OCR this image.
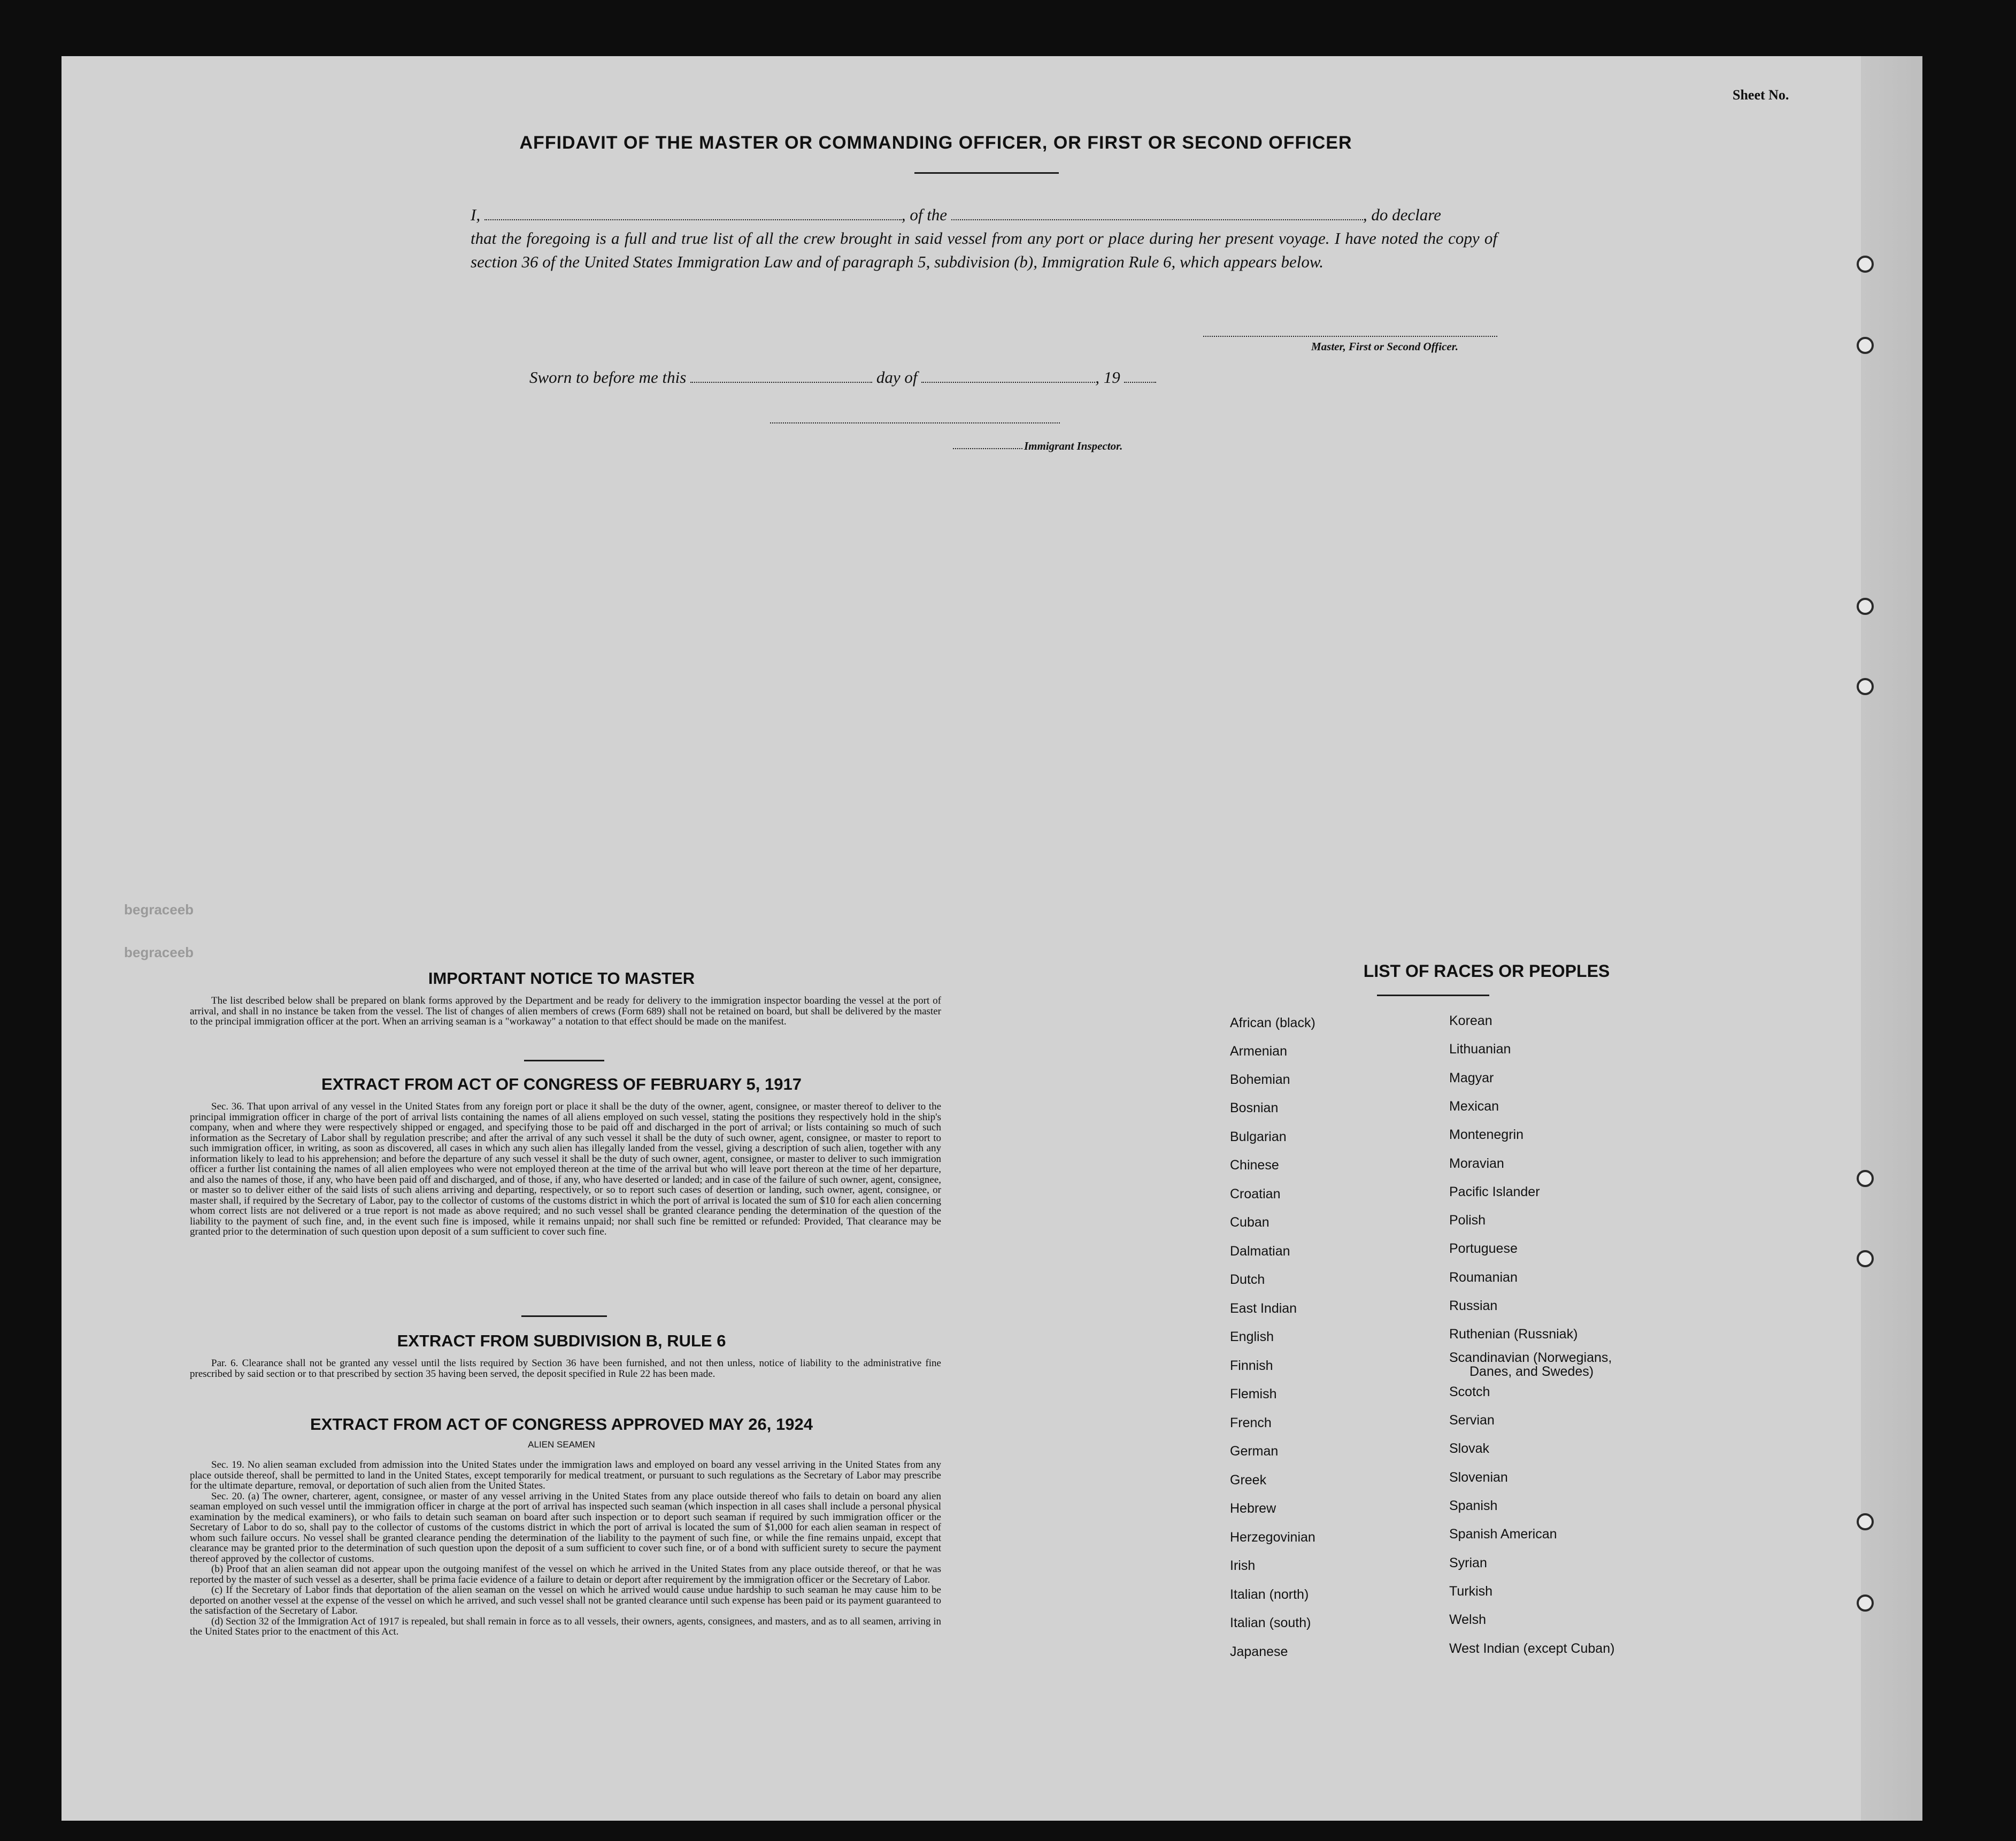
Sheet No.
begraceeb
begraceeb
AFFIDAVIT OF THE MASTER OR COMMANDING OFFICER, OR FIRST OR SECOND OFFICER
I,	, of the	, do declare
that the foregoing is a full and true list of all the crew brought in said vessel from any port or place during her present voyage. I have noted the copy of section 36 of the United States Immigration Law and of paragraph 5, subdivision (b), Immigration Rule 6, which appears below.
Master, First or Second Officer.
Sworn to before me this	day of	, 19
Immigrant Inspector.
IMPORTANT NOTICE TO MASTER

The list described below shall be prepared on blank forms approved by the Department and be ready for delivery to the immigration inspector boarding the vessel at the port of arrival, and shall in no instance be taken from the vessel. The list of changes of alien members of crews (Form 689) shall not be retained on board, but shall be delivered by the master to the principal immigration officer at the port. When an arriving seaman is a "workaway" a notation to that effect should be made on the manifest.

EXTRACT FROM ACT OF CONGRESS OF FEBRUARY 5, 1917

Sec. 36. That upon arrival of any vessel in the United States from any foreign port or place it shall be the duty of the owner, agent, consignee, or master thereof to deliver to the principal immigration officer in charge of the port of arrival lists containing the names of all aliens employed on such vessel, stating the positions they respectively hold in the ship's company, when and where they were respectively shipped or engaged, and specifying those to be paid off and discharged in the port of arrival; or lists containing so much of such information as the Secretary of Labor shall by regulation prescribe; and after the arrival of any such vessel it shall be the duty of such owner, agent, consignee, or master to report to such immigration officer, in writing, as soon as discovered, all cases in which any such alien has illegally landed from the vessel, giving a description of such alien, together with any information likely to lead to his apprehension; and before the departure of any such vessel it shall be the duty of such owner, agent, consignee, or master to deliver to such immigration officer a further list containing the names of all alien employees who were not employed thereon at the time of the arrival but who will leave port thereon at the time of her departure, and also the names of those, if any, who have been paid off and discharged, and of those, if any, who have deserted or landed; and in case of the failure of such owner, agent, consignee, or master so to deliver either of the said lists of such aliens arriving and departing, respectively, or so to report such cases of desertion or landing, such owner, agent, consignee, or master shall, if required by the Secretary of Labor, pay to the collector of customs of the customs district in which the port of arrival is located the sum of $10 for each alien concerning whom correct lists are not delivered or a true report is not made as above required; and no such vessel shall be granted clearance pending the determination of the question of the liability to the payment of such fine, and, in the event such fine is imposed, while it remains unpaid; nor shall such fine be remitted or refunded: Provided, That clearance may be granted prior to the determination of such question upon deposit of a sum sufficient to cover such fine.

EXTRACT FROM SUBDIVISION B, RULE 6

Par. 6. Clearance shall not be granted any vessel until the lists required by Section 36 have been furnished, and not then unless, notice of liability to the administrative fine prescribed by said section or to that prescribed by section 35 having been served, the deposit specified in Rule 22 has been made.

EXTRACT FROM ACT OF CONGRESS APPROVED MAY 26, 1924
ALIEN SEAMEN

Sec. 19. No alien seaman excluded from admission into the United States under the immigration laws and employed on board any vessel arriving in the United States from any place outside thereof, shall be permitted to land in the United States, except temporarily for medical treatment, or pursuant to such regulations as the Secretary of Labor may prescribe for the ultimate departure, removal, or deportation of such alien from the United States.

Sec. 20. (a) The owner, charterer, agent, consignee, or master of any vessel arriving in the United States from any place outside thereof who fails to detain on board any alien seaman employed on such vessel until the immigration officer in charge at the port of arrival has inspected such seaman (which inspection in all cases shall include a personal physical examination by the medical examiners), or who fails to detain such seaman on board after such inspection or to deport such seaman if required by such immigration officer or the Secretary of Labor to do so, shall pay to the collector of customs of the customs district in which the port of arrival is located the sum of $1,000 for each alien seaman in respect of whom such failure occurs. No vessel shall be granted clearance pending the determination of the liability to the payment of such fine, or while the fine remains unpaid, except that clearance may be granted prior to the determination of such question upon the deposit of a sum sufficient to cover such fine, or of a bond with sufficient surety to secure the payment thereof approved by the collector of customs.

(b) Proof that an alien seaman did not appear upon the outgoing manifest of the vessel on which he arrived in the United States from any place outside thereof, or that he was reported by the master of such vessel as a deserter, shall be prima facie evidence of a failure to detain or deport after requirement by the immigration officer or the Secretary of Labor.

(c) If the Secretary of Labor finds that deportation of the alien seaman on the vessel on which he arrived would cause undue hardship to such seaman he may cause him to be deported on another vessel at the expense of the vessel on which he arrived, and such vessel shall not be granted clearance until such expense has been paid or its payment guaranteed to the satisfaction of the Secretary of Labor.

(d) Section 32 of the Immigration Act of 1917 is repealed, but shall remain in force as to all vessels, their owners, agents, consignees, and masters, and as to all seamen, arriving in the United States prior to the enactment of this Act.

LIST OF RACES OR PEOPLES
African (black)
Armenian
Bohemian
Bosnian
Bulgarian
Chinese
Croatian
Cuban
Dalmatian
Dutch
East Indian
English
Finnish
Flemish
French
German
Greek
Hebrew
Herzegovinian
Irish
Italian (north)
Italian (south)
Japanese
Korean
Lithuanian
Magyar
Mexican
Montenegrin
Moravian
Pacific Islander
Polish
Portuguese
Roumanian
Russian
Ruthenian (Russniak)
Scandinavian (Norwegians,
Danes, and Swedes)
Scotch
Servian
Slovak
Slovenian
Spanish
Spanish American
Syrian
Turkish
Welsh
West Indian (except Cuban)
